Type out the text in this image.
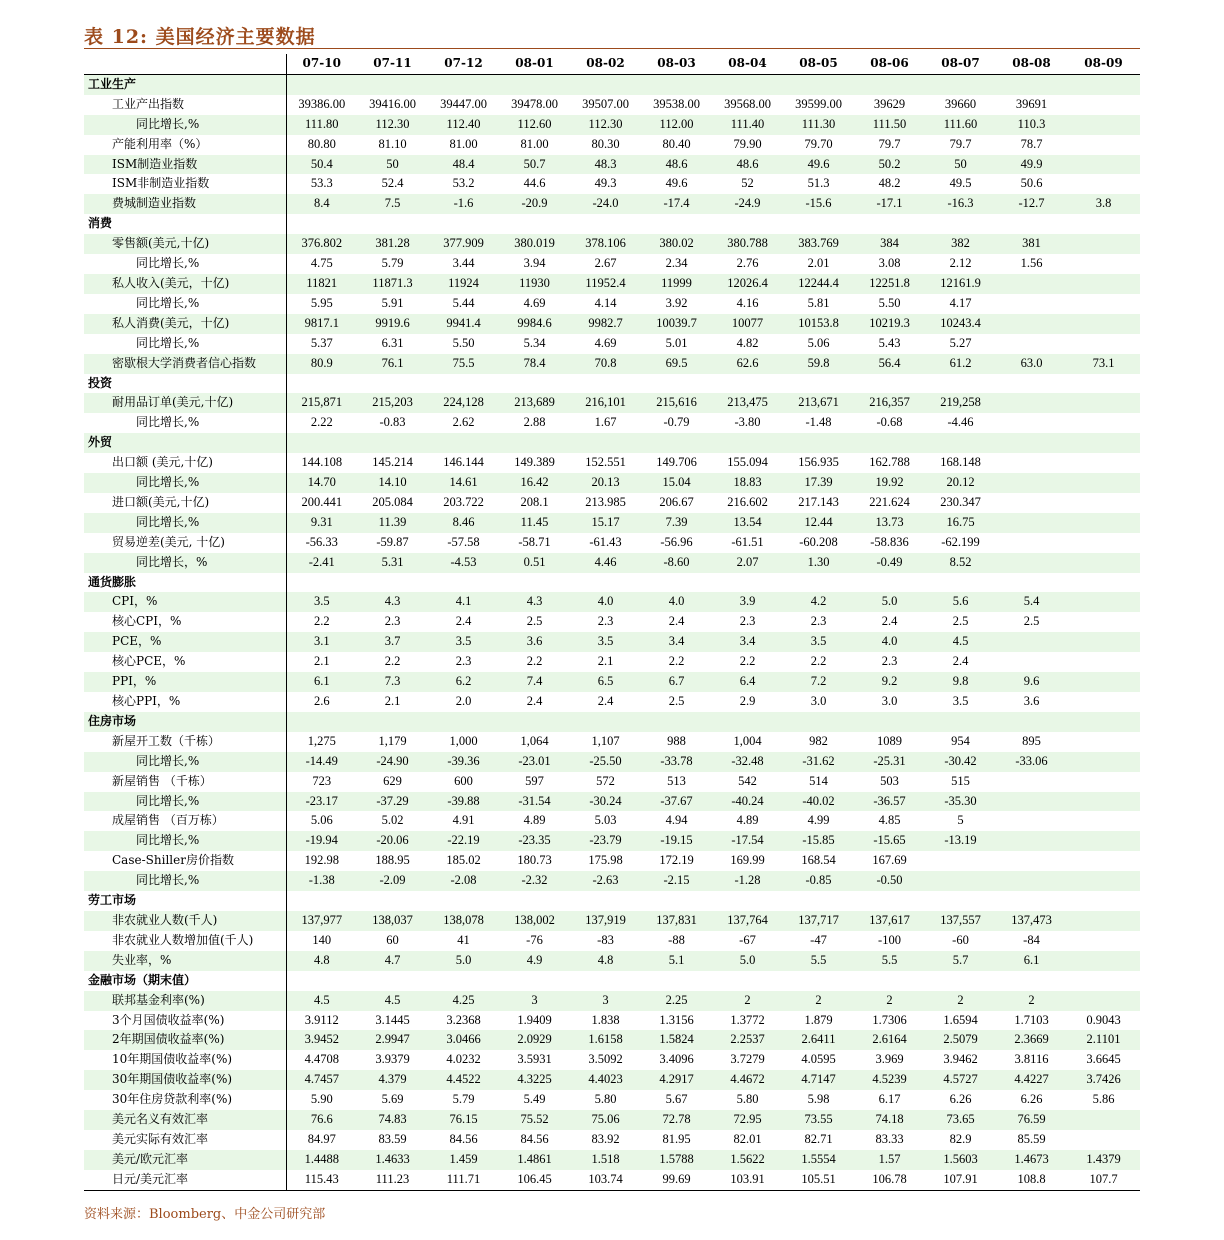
表 12: 美国经济主要数据
	07-10	07-11	07-12	08-01	08-02	08-03	08-04	08-05	08-06	08-07	08-08	08-09
工业生产												
工业产出指数	39386.00	39416.00	39447.00	39478.00	39507.00	39538.00	39568.00	39599.00	39629	39660	39691	
同比增长,%	111.80	112.30	112.40	112.60	112.30	112.00	111.40	111.30	111.50	111.60	110.3	
产能利用率（%）	80.80	81.10	81.00	81.00	80.30	80.40	79.90	79.70	79.7	79.7	78.7	
ISM制造业指数	50.4	50	48.4	50.7	48.3	48.6	48.6	49.6	50.2	50	49.9	
ISM非制造业指数	53.3	52.4	53.2	44.6	49.3	49.6	52	51.3	48.2	49.5	50.6	
费城制造业指数	8.4	7.5	-1.6	-20.9	-24.0	-17.4	-24.9	-15.6	-17.1	-16.3	-12.7	3.8
消费												
零售额(美元,十亿)	376.802	381.28	377.909	380.019	378.106	380.02	380.788	383.769	384	382	381	
同比增长,%	4.75	5.79	3.44	3.94	2.67	2.34	2.76	2.01	3.08	2.12	1.56	
私人收入(美元，十亿)	11821	11871.3	11924	11930	11952.4	11999	12026.4	12244.4	12251.8	12161.9		
同比增长,%	5.95	5.91	5.44	4.69	4.14	3.92	4.16	5.81	5.50	4.17		
私人消费(美元，十亿)	9817.1	9919.6	9941.4	9984.6	9982.7	10039.7	10077	10153.8	10219.3	10243.4		
同比增长,%	5.37	6.31	5.50	5.34	4.69	5.01	4.82	5.06	5.43	5.27		
密歇根大学消费者信心指数	80.9	76.1	75.5	78.4	70.8	69.5	62.6	59.8	56.4	61.2	63.0	73.1
投资												
耐用品订单(美元,十亿)	215,871	215,203	224,128	213,689	216,101	215,616	213,475	213,671	216,357	219,258		
同比增长,%	2.22	-0.83	2.62	2.88	1.67	-0.79	-3.80	-1.48	-0.68	-4.46		
外贸												
出口额 (美元,十亿)	144.108	145.214	146.144	149.389	152.551	149.706	155.094	156.935	162.788	168.148		
同比增长,%	14.70	14.10	14.61	16.42	20.13	15.04	18.83	17.39	19.92	20.12		
进口额(美元,十亿)	200.441	205.084	203.722	208.1	213.985	206.67	216.602	217.143	221.624	230.347		
同比增长,%	9.31	11.39	8.46	11.45	15.17	7.39	13.54	12.44	13.73	16.75		
贸易逆差(美元, 十亿)	-56.33	-59.87	-57.58	-58.71	-61.43	-56.96	-61.51	-60.208	-58.836	-62.199		
同比增长，%	-2.41	5.31	-4.53	0.51	4.46	-8.60	2.07	1.30	-0.49	8.52		
通货膨胀												
CPI，%	3.5	4.3	4.1	4.3	4.0	4.0	3.9	4.2	5.0	5.6	5.4	
核心CPI，%	2.2	2.3	2.4	2.5	2.3	2.4	2.3	2.3	2.4	2.5	2.5	
PCE，%	3.1	3.7	3.5	3.6	3.5	3.4	3.4	3.5	4.0	4.5		
核心PCE，%	2.1	2.2	2.3	2.2	2.1	2.2	2.2	2.2	2.3	2.4		
PPI，%	6.1	7.3	6.2	7.4	6.5	6.7	6.4	7.2	9.2	9.8	9.6	
核心PPI，%	2.6	2.1	2.0	2.4	2.4	2.5	2.9	3.0	3.0	3.5	3.6	
住房市场												
新屋开工数（千栋）	1,275	1,179	1,000	1,064	1,107	988	1,004	982	1089	954	895	
同比增长,%	-14.49	-24.90	-39.36	-23.01	-25.50	-33.78	-32.48	-31.62	-25.31	-30.42	-33.06	
新屋销售 （千栋）	723	629	600	597	572	513	542	514	503	515		
同比增长,%	-23.17	-37.29	-39.88	-31.54	-30.24	-37.67	-40.24	-40.02	-36.57	-35.30		
成屋销售 （百万栋）	5.06	5.02	4.91	4.89	5.03	4.94	4.89	4.99	4.85	5		
同比增长,%	-19.94	-20.06	-22.19	-23.35	-23.79	-19.15	-17.54	-15.85	-15.65	-13.19		
Case-Shiller房价指数	192.98	188.95	185.02	180.73	175.98	172.19	169.99	168.54	167.69			
同比增长,%	-1.38	-2.09	-2.08	-2.32	-2.63	-2.15	-1.28	-0.85	-0.50			
劳工市场												
非农就业人数(千人)	137,977	138,037	138,078	138,002	137,919	137,831	137,764	137,717	137,617	137,557	137,473	
非农就业人数增加值(千人)	140	60	41	-76	-83	-88	-67	-47	-100	-60	-84	
失业率，%	4.8	4.7	5.0	4.9	4.8	5.1	5.0	5.5	5.5	5.7	6.1	
金融市场（期末值）												
联邦基金利率(%)	4.5	4.5	4.25	3	3	2.25	2	2	2	2	2	
3个月国债收益率(%)	3.9112	3.1445	3.2368	1.9409	1.838	1.3156	1.3772	1.879	1.7306	1.6594	1.7103	0.9043
2年期国债收益率(%)	3.9452	2.9947	3.0466	2.0929	1.6158	1.5824	2.2537	2.6411	2.6164	2.5079	2.3669	2.1101
10年期国债收益率(%)	4.4708	3.9379	4.0232	3.5931	3.5092	3.4096	3.7279	4.0595	3.969	3.9462	3.8116	3.6645
30年期国债收益率(%)	4.7457	4.379	4.4522	4.3225	4.4023	4.2917	4.4672	4.7147	4.5239	4.5727	4.4227	3.7426
30年住房贷款利率(%)	5.90	5.69	5.79	5.49	5.80	5.67	5.80	5.98	6.17	6.26	6.26	5.86
美元名义有效汇率	76.6	74.83	76.15	75.52	75.06	72.78	72.95	73.55	74.18	73.65	76.59	
美元实际有效汇率	84.97	83.59	84.56	84.56	83.92	81.95	82.01	82.71	83.33	82.9	85.59	
美元/欧元汇率	1.4488	1.4633	1.459	1.4861	1.518	1.5788	1.5622	1.5554	1.57	1.5603	1.4673	1.4379
日元/美元汇率	115.43	111.23	111.71	106.45	103.74	99.69	103.91	105.51	106.78	107.91	108.8	107.7
资料来源：Bloomberg、中金公司研究部
